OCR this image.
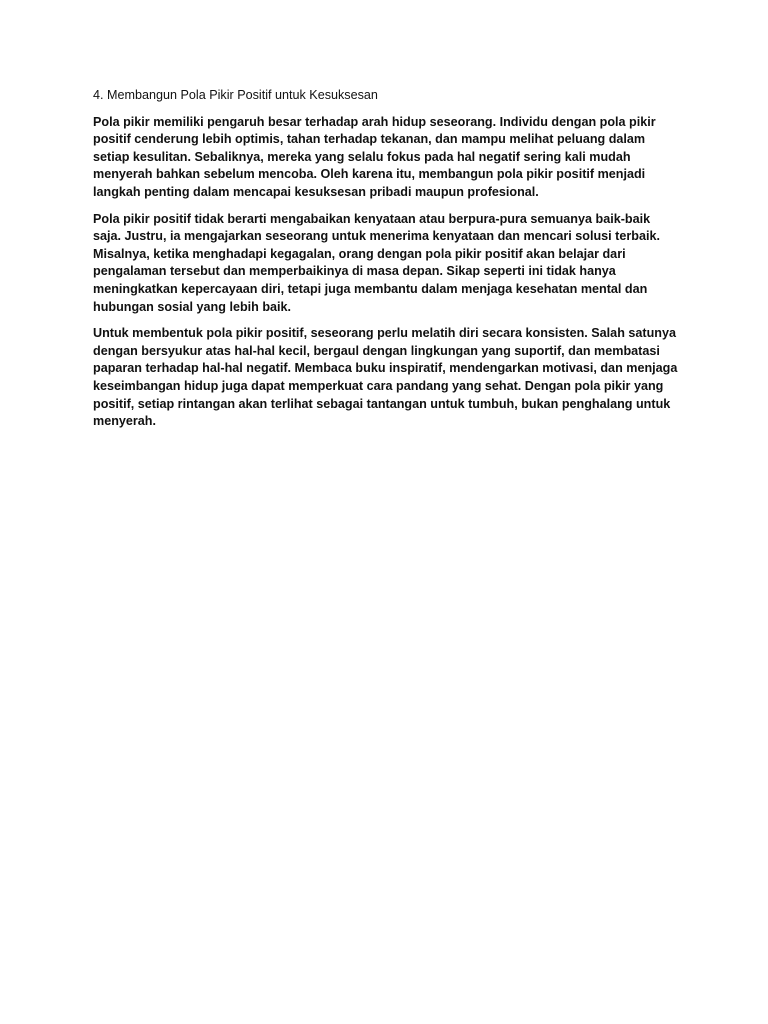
4. Membangun Pola Pikir Positif untuk Kesuksesan

Pola pikir memiliki pengaruh besar terhadap arah hidup seseorang. Individu dengan pola pikir positif cenderung lebih optimis, tahan terhadap tekanan, dan mampu melihat peluang dalam setiap kesulitan. Sebaliknya, mereka yang selalu fokus pada hal negatif sering kali mudah menyerah bahkan sebelum mencoba. Oleh karena itu, membangun pola pikir positif menjadi langkah penting dalam mencapai kesuksesan pribadi maupun profesional.

Pola pikir positif tidak berarti mengabaikan kenyataan atau berpura-pura semuanya baik-baik saja. Justru, ia mengajarkan seseorang untuk menerima kenyataan dan mencari solusi terbaik. Misalnya, ketika menghadapi kegagalan, orang dengan pola pikir positif akan belajar dari pengalaman tersebut dan memperbaikinya di masa depan. Sikap seperti ini tidak hanya meningkatkan kepercayaan diri, tetapi juga membantu dalam menjaga kesehatan mental dan hubungan sosial yang lebih baik.

Untuk membentuk pola pikir positif, seseorang perlu melatih diri secara konsisten. Salah satunya dengan bersyukur atas hal-hal kecil, bergaul dengan lingkungan yang suportif, dan membatasi paparan terhadap hal-hal negatif. Membaca buku inspiratif, mendengarkan motivasi, dan menjaga keseimbangan hidup juga dapat memperkuat cara pandang yang sehat. Dengan pola pikir yang positif, setiap rintangan akan terlihat sebagai tantangan untuk tumbuh, bukan penghalang untuk menyerah.
